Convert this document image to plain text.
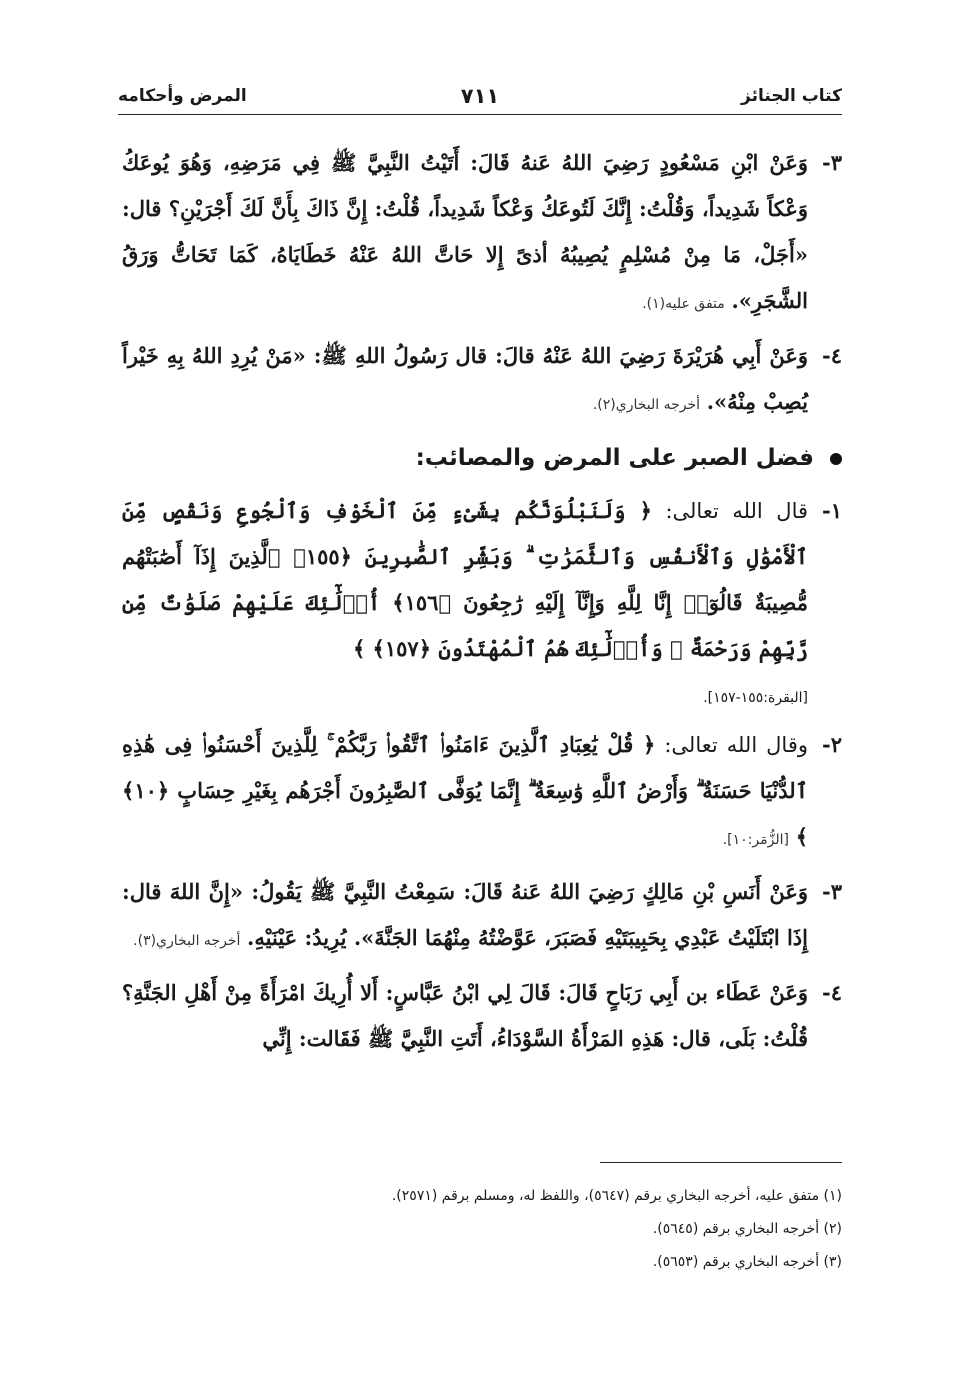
كتاب الجنائز
٧١١
المرض وأحكامه

٣-وَعَنْ ابْنِ مَسْعُودٍ رَضِيَ اللهُ عَنهُ قَالَ: أَتَيْتُ النَّبِيَّ ﷺ فِي مَرَضِهِ، وَهُوَ يُوعَكُ وَعْكاً شَدِيداً، وَقُلْتُ: إِنَّكَ لَتُوعَكُ وَعْكاً شَدِيداً، قُلْتُ: إِنَّ ذَاكَ بِأَنَّ لَكَ أَجْرَيْنِ؟ قال: «أَجَلْ، مَا مِنْ مُسْلِمٍ يُصِيبُهُ أذىً إِلا حَاتَّ اللهُ عَنْهُ خَطَايَاهُ، كَمَا تَحَاتُّ وَرَقُ الشَّجَرِ». متفق عليه(١).

٤-وَعَنْ أَبِي هُرَيْرَةَ رَضِيَ اللهُ عَنْهُ قالَ: قال رَسُولُ اللهِ ﷺ: «مَنْ يُرِدِ اللهُ بِهِ خَيْراً يُصِبْ مِنْهُ». أخرجه البخاري(٢).

فضل الصبر على المرض والمصائب:

١-قال الله تعالى: ﴿ وَلَنَبْلُوَنَّكُم بِشَىْءٍ مِّنَ ٱلْخَوْفِ وَٱلْجُوعِ وَنَقْصٍ مِّنَ ٱلْأَمْوَٰلِ وَٱلْأَنفُسِ وَٱلثَّمَرَٰتِ ۗ وَبَشِّرِ ٱلصَّٰبِرِينَ ﴿١٥٥﴾ ٱلَّذِينَ إِذَآ أَصَٰبَتْهُم مُّصِيبَةٌ قَالُوٓا۟ إِنَّا لِلَّهِ وَإِنَّآ إِلَيْهِ رَٰجِعُونَ ﴿١٥٦﴾ أُو۟لَٰٓئِكَ عَلَيْهِمْ صَلَوَٰتٌ مِّن رَّبِّهِمْ وَرَحْمَةٌ ۖ وَأُو۟لَٰٓئِكَ هُمُ ٱلْمُهْتَدُونَ ﴿١٥٧﴾ ﴾

[البقرة:١٥٥-١٥٧].

٢-وقال الله تعالى: ﴿ قُلْ يَٰعِبَادِ ٱلَّذِينَ ءَامَنُوا۟ ٱتَّقُوا۟ رَبَّكُمْ ۚ لِلَّذِينَ أَحْسَنُوا۟ فِى هَٰذِهِ ٱلدُّنْيَا حَسَنَةٌ ۗ وَأَرْضُ ٱللَّهِ وَٰسِعَةٌ ۗ إِنَّمَا يُوَفَّى ٱلصَّٰبِرُونَ أَجْرَهُم بِغَيْرِ حِسَابٍ ﴿١٠﴾ ﴾ [الزُّمَر:١٠].

٣-وَعَنْ أَنَسِ بْنِ مَالِكٍ رَضِيَ اللهُ عَنهُ قَالَ: سَمِعْتُ النَّبِيَّ ﷺ يَقُولُ: «إِنَّ اللهَ قال: إِذَا ابْتَلَيْتُ عَبْدِي بِحَبِيبَتَيْهِ فَصَبَرَ، عَوَّضْتُهُ مِنْهُمَا الجَنَّةَ». يُرِيدُ: عَيْنَيْهِ. أخرجه البخاري(٣).

٤-وَعَنْ عَطَاء بن أَبِي رَبَاحٍ قَالَ: قَالَ لِي ابْنُ عَبَّاسٍ: أَلا أُرِيكَ امْرَأَةً مِنْ أَهْلِ الجَنَّةِ؟ قُلْتُ: بَلَى، قال: هَذِهِ المَرْأَةُ السَّوْدَاءُ، أَتَتِ النَّبِيَّ ﷺ فَقَالت: إِنِّي

(١) متفق عليه، أخرجه البخاري برقم (٥٦٤٧)، واللفظ له، ومسلم برقم (٢٥٧١).

(٢) أخرجه البخاري برقم (٥٦٤٥).

(٣) أخرجه البخاري برقم (٥٦٥٣).
